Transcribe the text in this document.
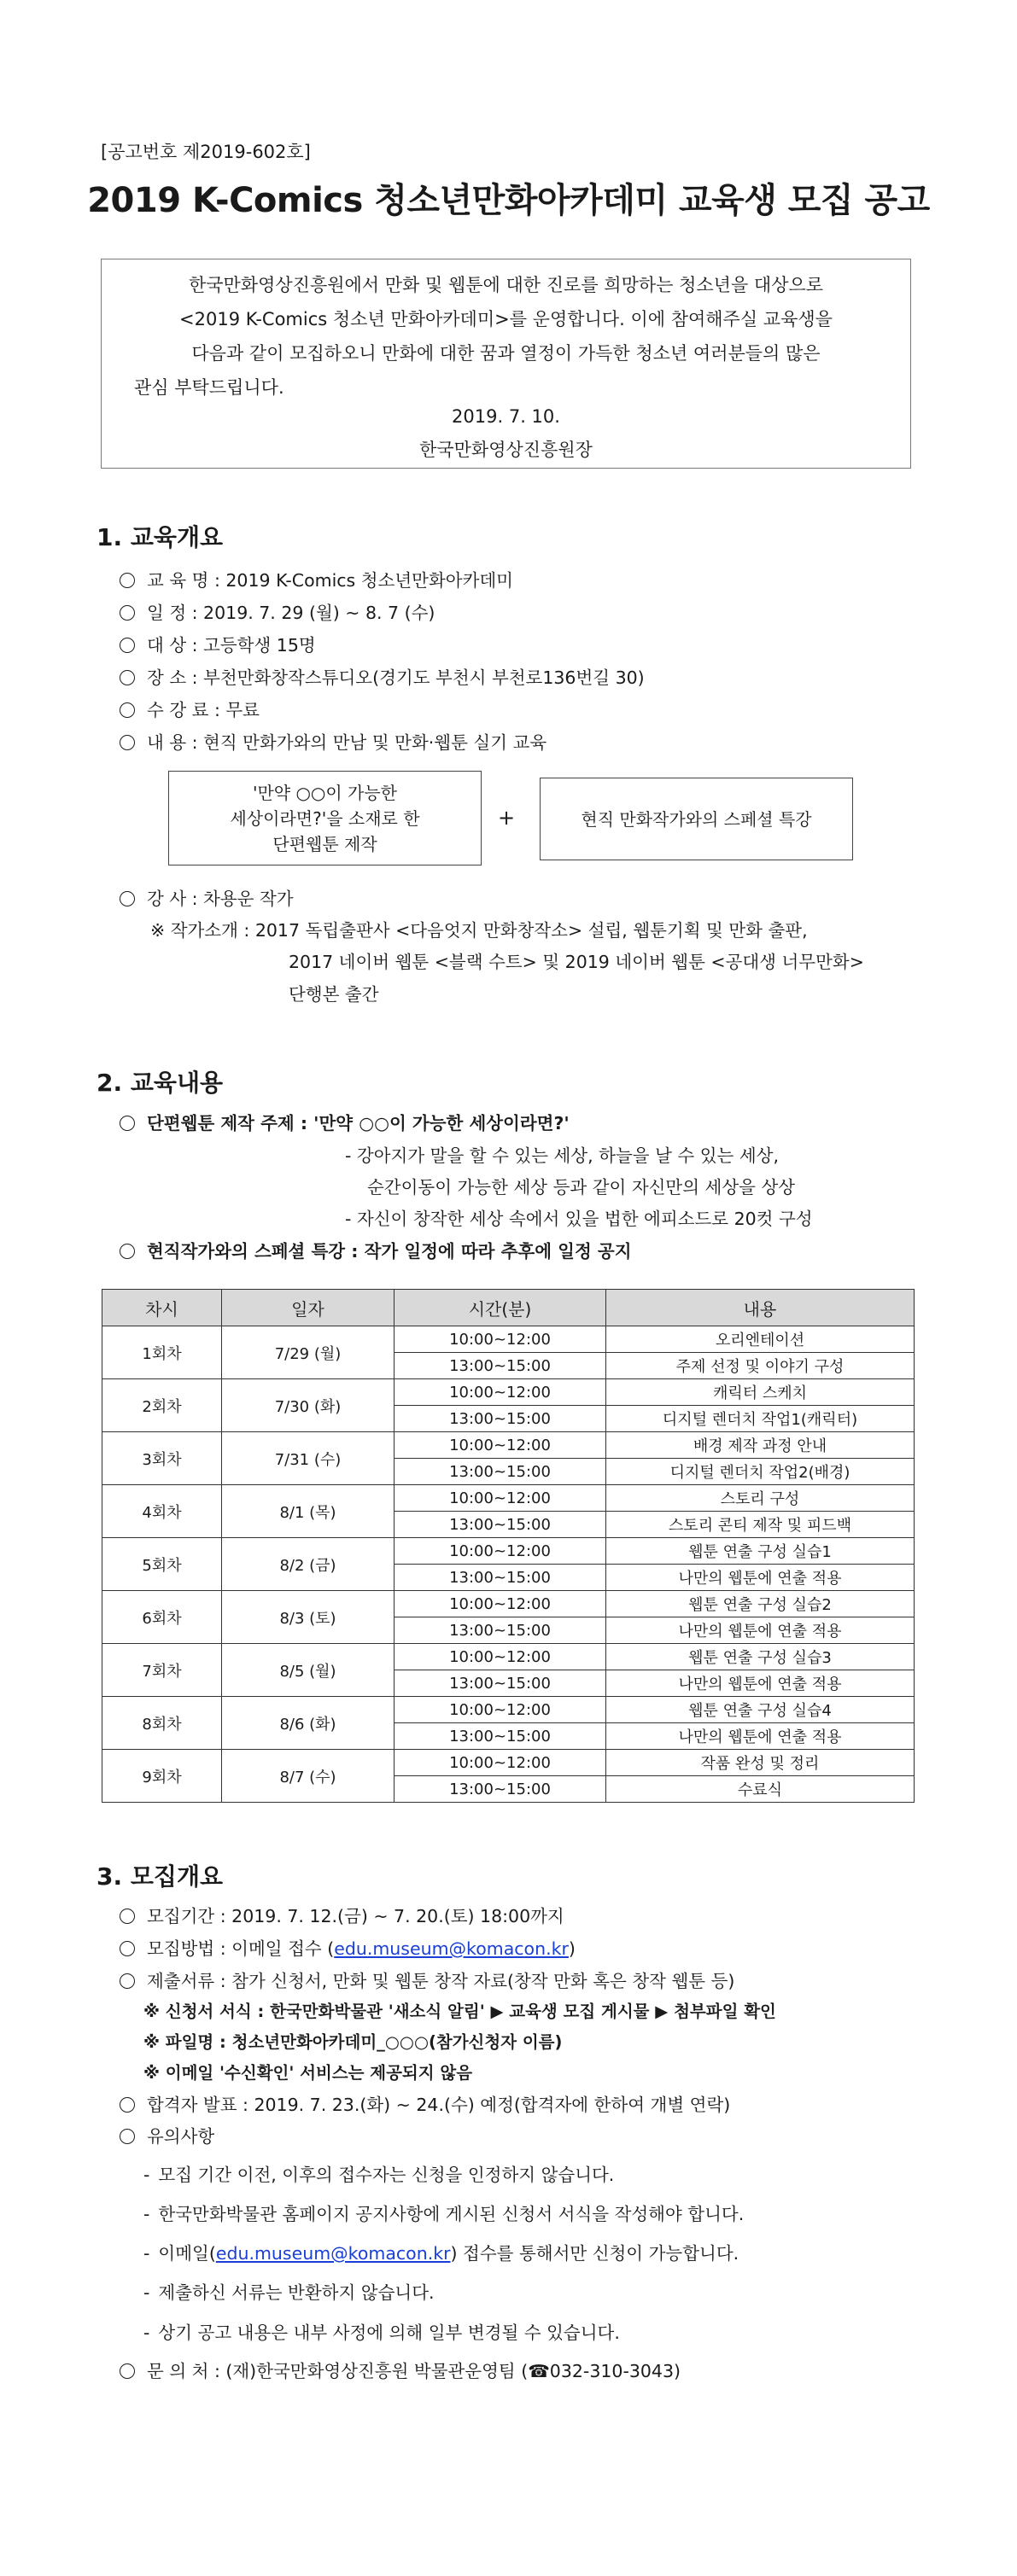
[공고번호 제2019-602호]
2019 K-Comics 청소년만화아카데미 교육생 모집 공고
한국만화영상진흥원에서 만화 및 웹툰에 대한 진로를 희망하는 청소년을 대상으로
<2019 K-Comics 청소년 만화아카데미>를 운영합니다. 이에 참여해주실 교육생을
다음과 같이 모집하오니 만화에 대한 꿈과 열정이 가득한 청소년 여러분들의 많은
관심 부탁드립니다.
2019. 7. 10.
한국만화영상진흥원장
1. 교육개요
교 육 명 : 2019 K-Comics 청소년만화아카데미
일 정 : 2019. 7. 29 (월) ~ 8. 7 (수)
대 상 : 고등학생 15명
장 소 : 부천만화창작스튜디오(경기도 부천시 부천로136번길 30)
수 강 료 : 무료
내 용 : 현직 만화가와의 만남 및 만화·웹툰 실기 교육
'만약 ○○이 가능한
세상이라면?'을 소재로 한
단편웹툰 제작
+	현직 만화작가와의 스페셜 특강
강 사 : 차용운 작가
※ 작가소개 : 2017 독립출판사 <다음엇지 만화창작소> 설립, 웹툰기획 및 만화 출판,
2017 네이버 웹툰 <블랙 수트> 및 2019 네이버 웹툰 <공대생 너무만화>
단행본 출간
2. 교육내용
단편웹툰 제작 주제 : '만약 ○○이 가능한 세상이라면?'
- 강아지가 말을 할 수 있는 세상, 하늘을 날 수 있는 세상,
순간이동이 가능한 세상 등과 같이 자신만의 세상을 상상
- 자신이 창작한 세상 속에서 있을 법한 에피소드로 20컷 구성
현직작가와의 스페셜 특강 : 작가 일정에 따라 추후에 일정 공지
차시	일자	시간(분)	내용
1회차	7/29 (월)	10:00~12:00	오리엔테이션
		13:00~15:00	주제 선정 및 이야기 구성
2회차	7/30 (화)	10:00~12:00	캐릭터 스케치
		13:00~15:00	디지털 렌더치 작업1(캐릭터)
3회차	7/31 (수)	10:00~12:00	배경 제작 과정 안내
		13:00~15:00	디지털 렌더치 작업2(배경)
4회차	8/1 (목)	10:00~12:00	스토리 구성
		13:00~15:00	스토리 콘티 제작 및 피드백
5회차	8/2 (금)	10:00~12:00	웹툰 연출 구성 실습1
		13:00~15:00	나만의 웹툰에 연출 적용
6회차	8/3 (토)	10:00~12:00	웹툰 연출 구성 실습2
		13:00~15:00	나만의 웹툰에 연출 적용
7회차	8/5 (월)	10:00~12:00	웹툰 연출 구성 실습3
		13:00~15:00	나만의 웹툰에 연출 적용
8회차	8/6 (화)	10:00~12:00	웹툰 연출 구성 실습4
		13:00~15:00	나만의 웹툰에 연출 적용
9회차	8/7 (수)	10:00~12:00	작품 완성 및 정리
		13:00~15:00	수료식
3. 모집개요
모집기간 : 2019. 7. 12.(금) ~ 7. 20.(토) 18:00까지
모집방법 : 이메일 접수 (edu.museum@komacon.kr)
제출서류 : 참가 신청서, 만화 및 웹툰 창작 자료(창작 만화 혹은 창작 웹툰 등)
※ 신청서 서식 : 한국만화박물관 '새소식 알림' ▶ 교육생 모집 게시물 ▶ 첨부파일 확인
※ 파일명 : 청소년만화아카데미_○○○(참가신청자 이름)
※ 이메일 '수신확인' 서비스는 제공되지 않음
합격자 발표 : 2019. 7. 23.(화) ~ 24.(수) 예정(합격자에 한하여 개별 연락)
유의사항
- 모집 기간 이전, 이후의 접수자는 신청을 인정하지 않습니다.
- 한국만화박물관 홈페이지 공지사항에 게시된 신청서 서식을 작성해야 합니다.
- 이메일(edu.museum@komacon.kr) 접수를 통해서만 신청이 가능합니다.
- 제출하신 서류는 반환하지 않습니다.
- 상기 공고 내용은 내부 사정에 의해 일부 변경될 수 있습니다.
문 의 처 : (재)한국만화영상진흥원 박물관운영팀 (☎032-310-3043)
